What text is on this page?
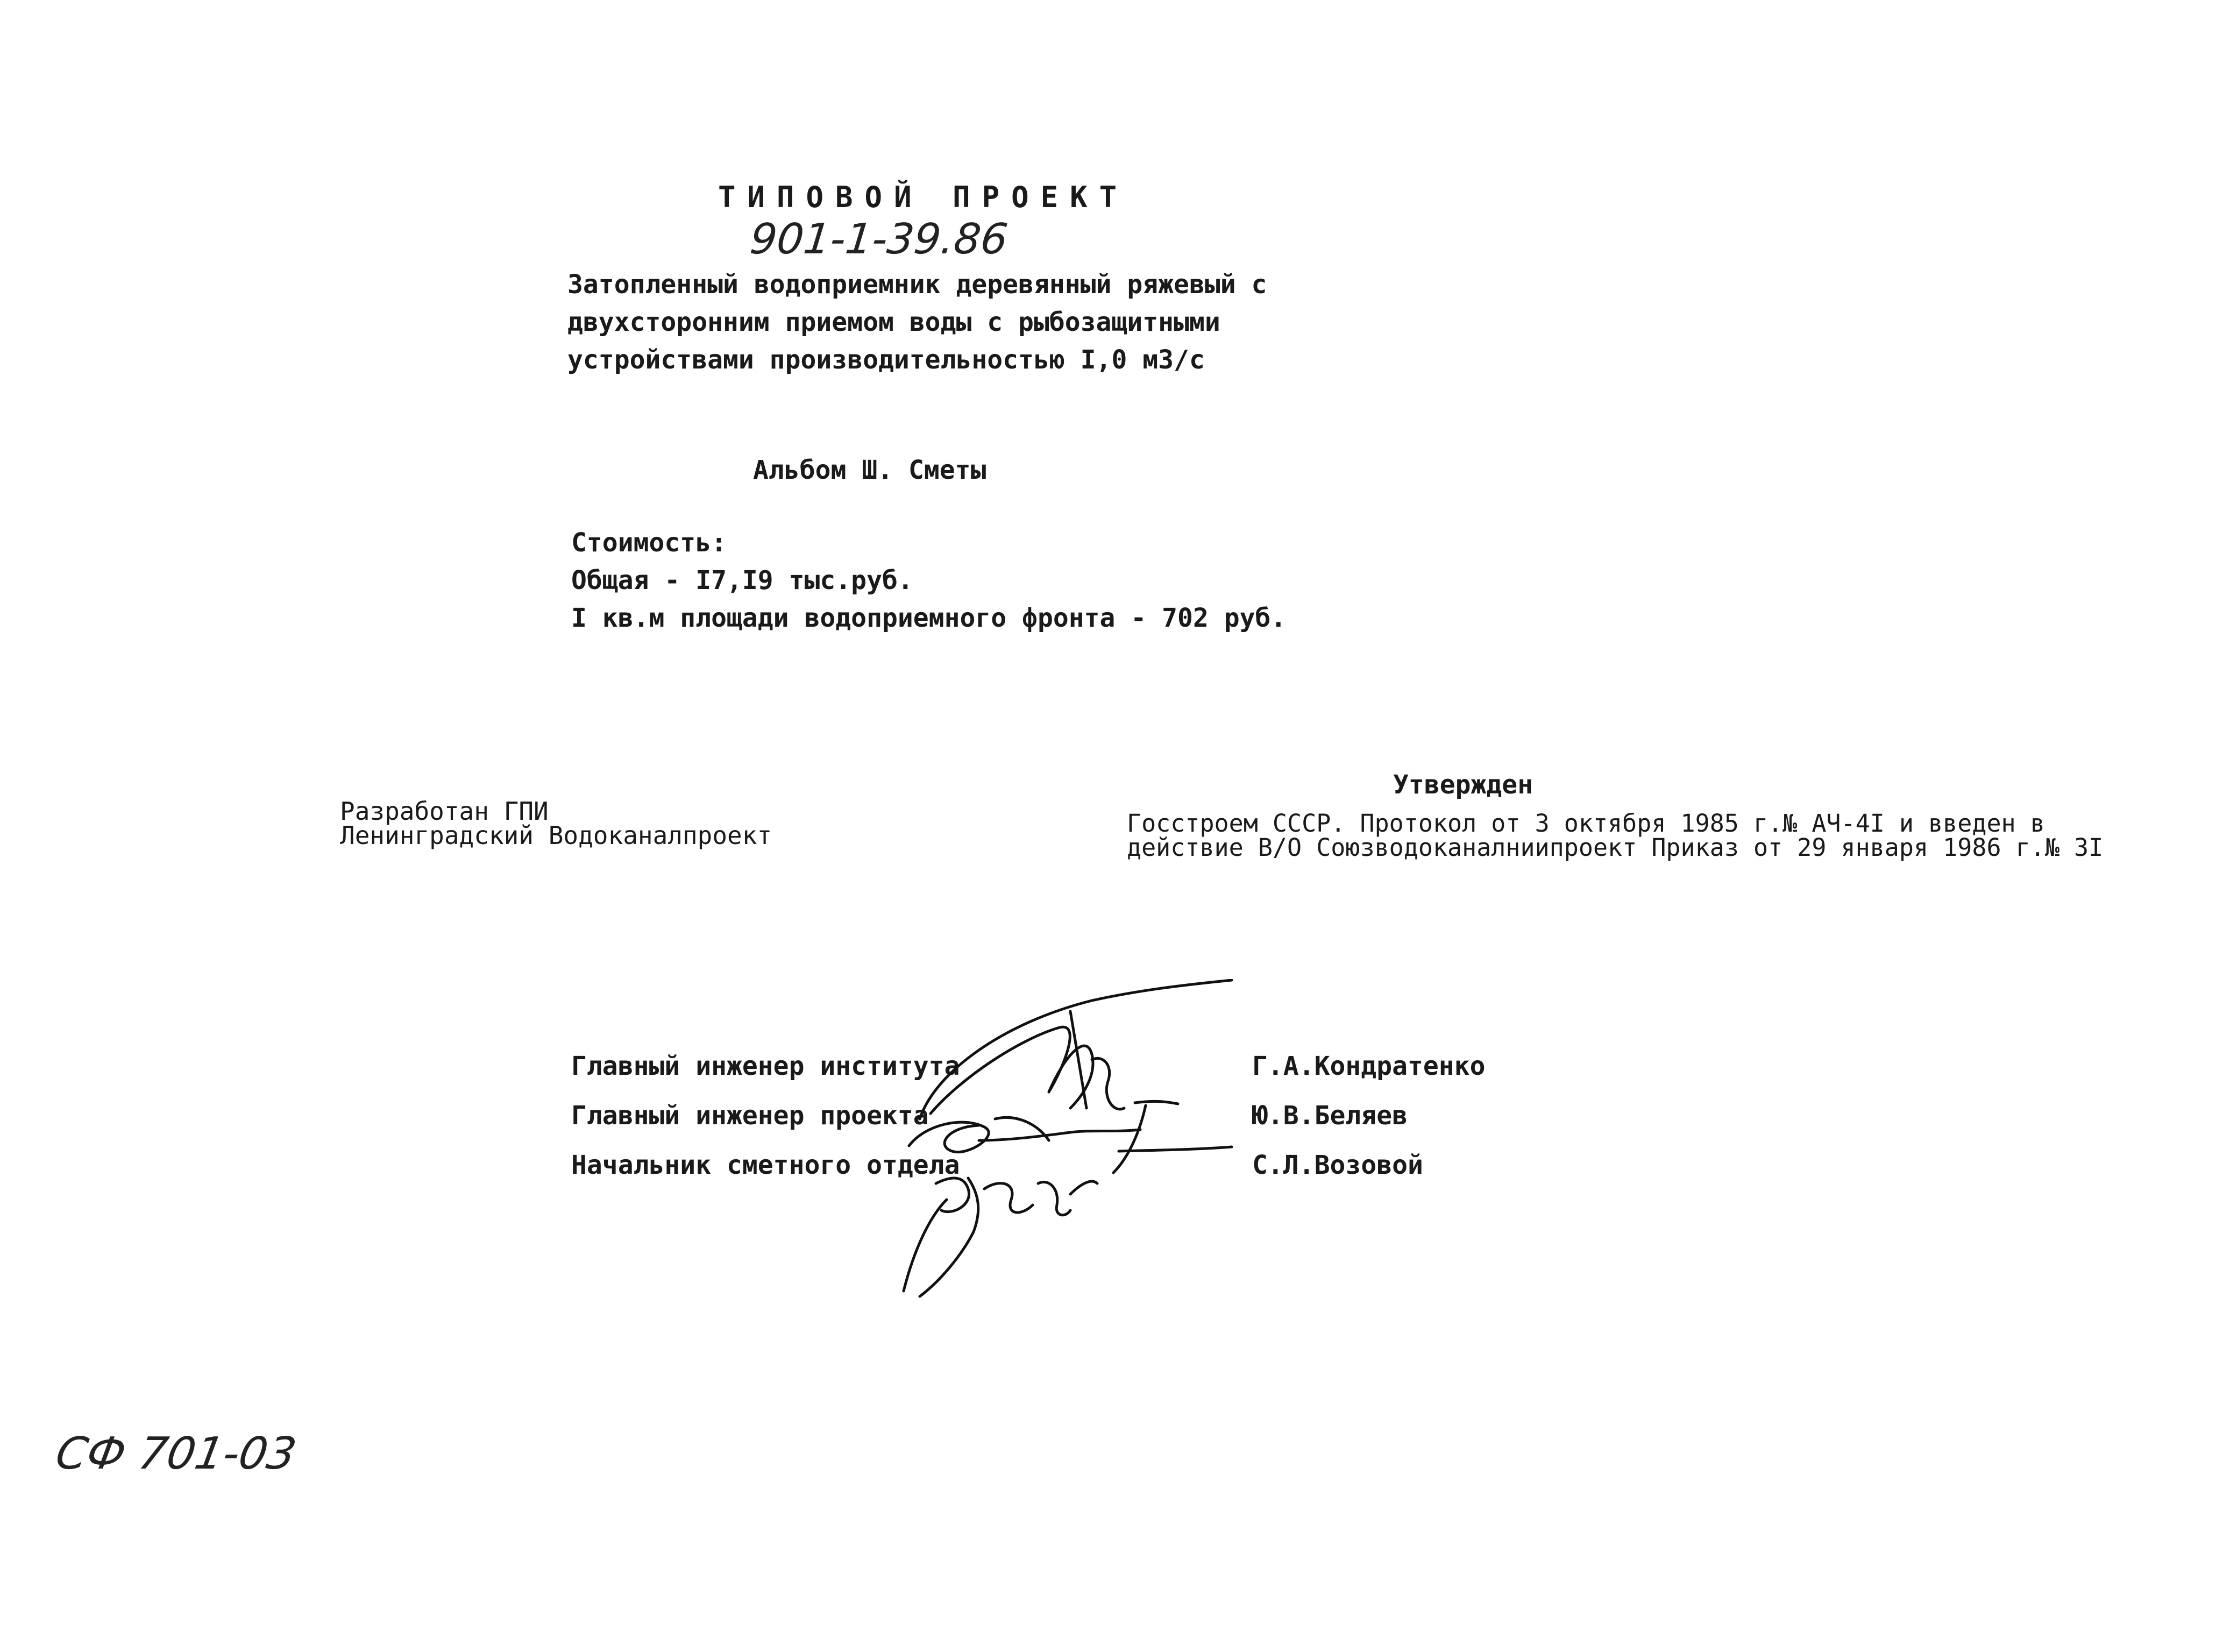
ТИПОВОЙ ПРОЕКТ
901-1-39.86
Затопленный водоприемник деревянный ряжевый с
двухсторонним приемом воды с рыбозащитными
устройствами производительностью I,0 м3/с
Альбом Ш. Сметы
Стоимость:
Общая - I7,I9 тыс.руб.
I кв.м площади водоприемного фронта - 702 руб.
Разработан ГПИ
Ленинградский Водоканалпроект
Утвержден
Госстроем СССР. Протокол от 3 октября 1985 г.№ АЧ-4I и введен в
действие В/О Союзводоканалниипроект Приказ от 29 января 1986 г.№ 3I
Главный инженер института	Г.А.Кондратенко
Главный инженер проекта	Ю.В.Беляев
Начальник сметного отдела	С.Л.Возовой
СФ 701-03
